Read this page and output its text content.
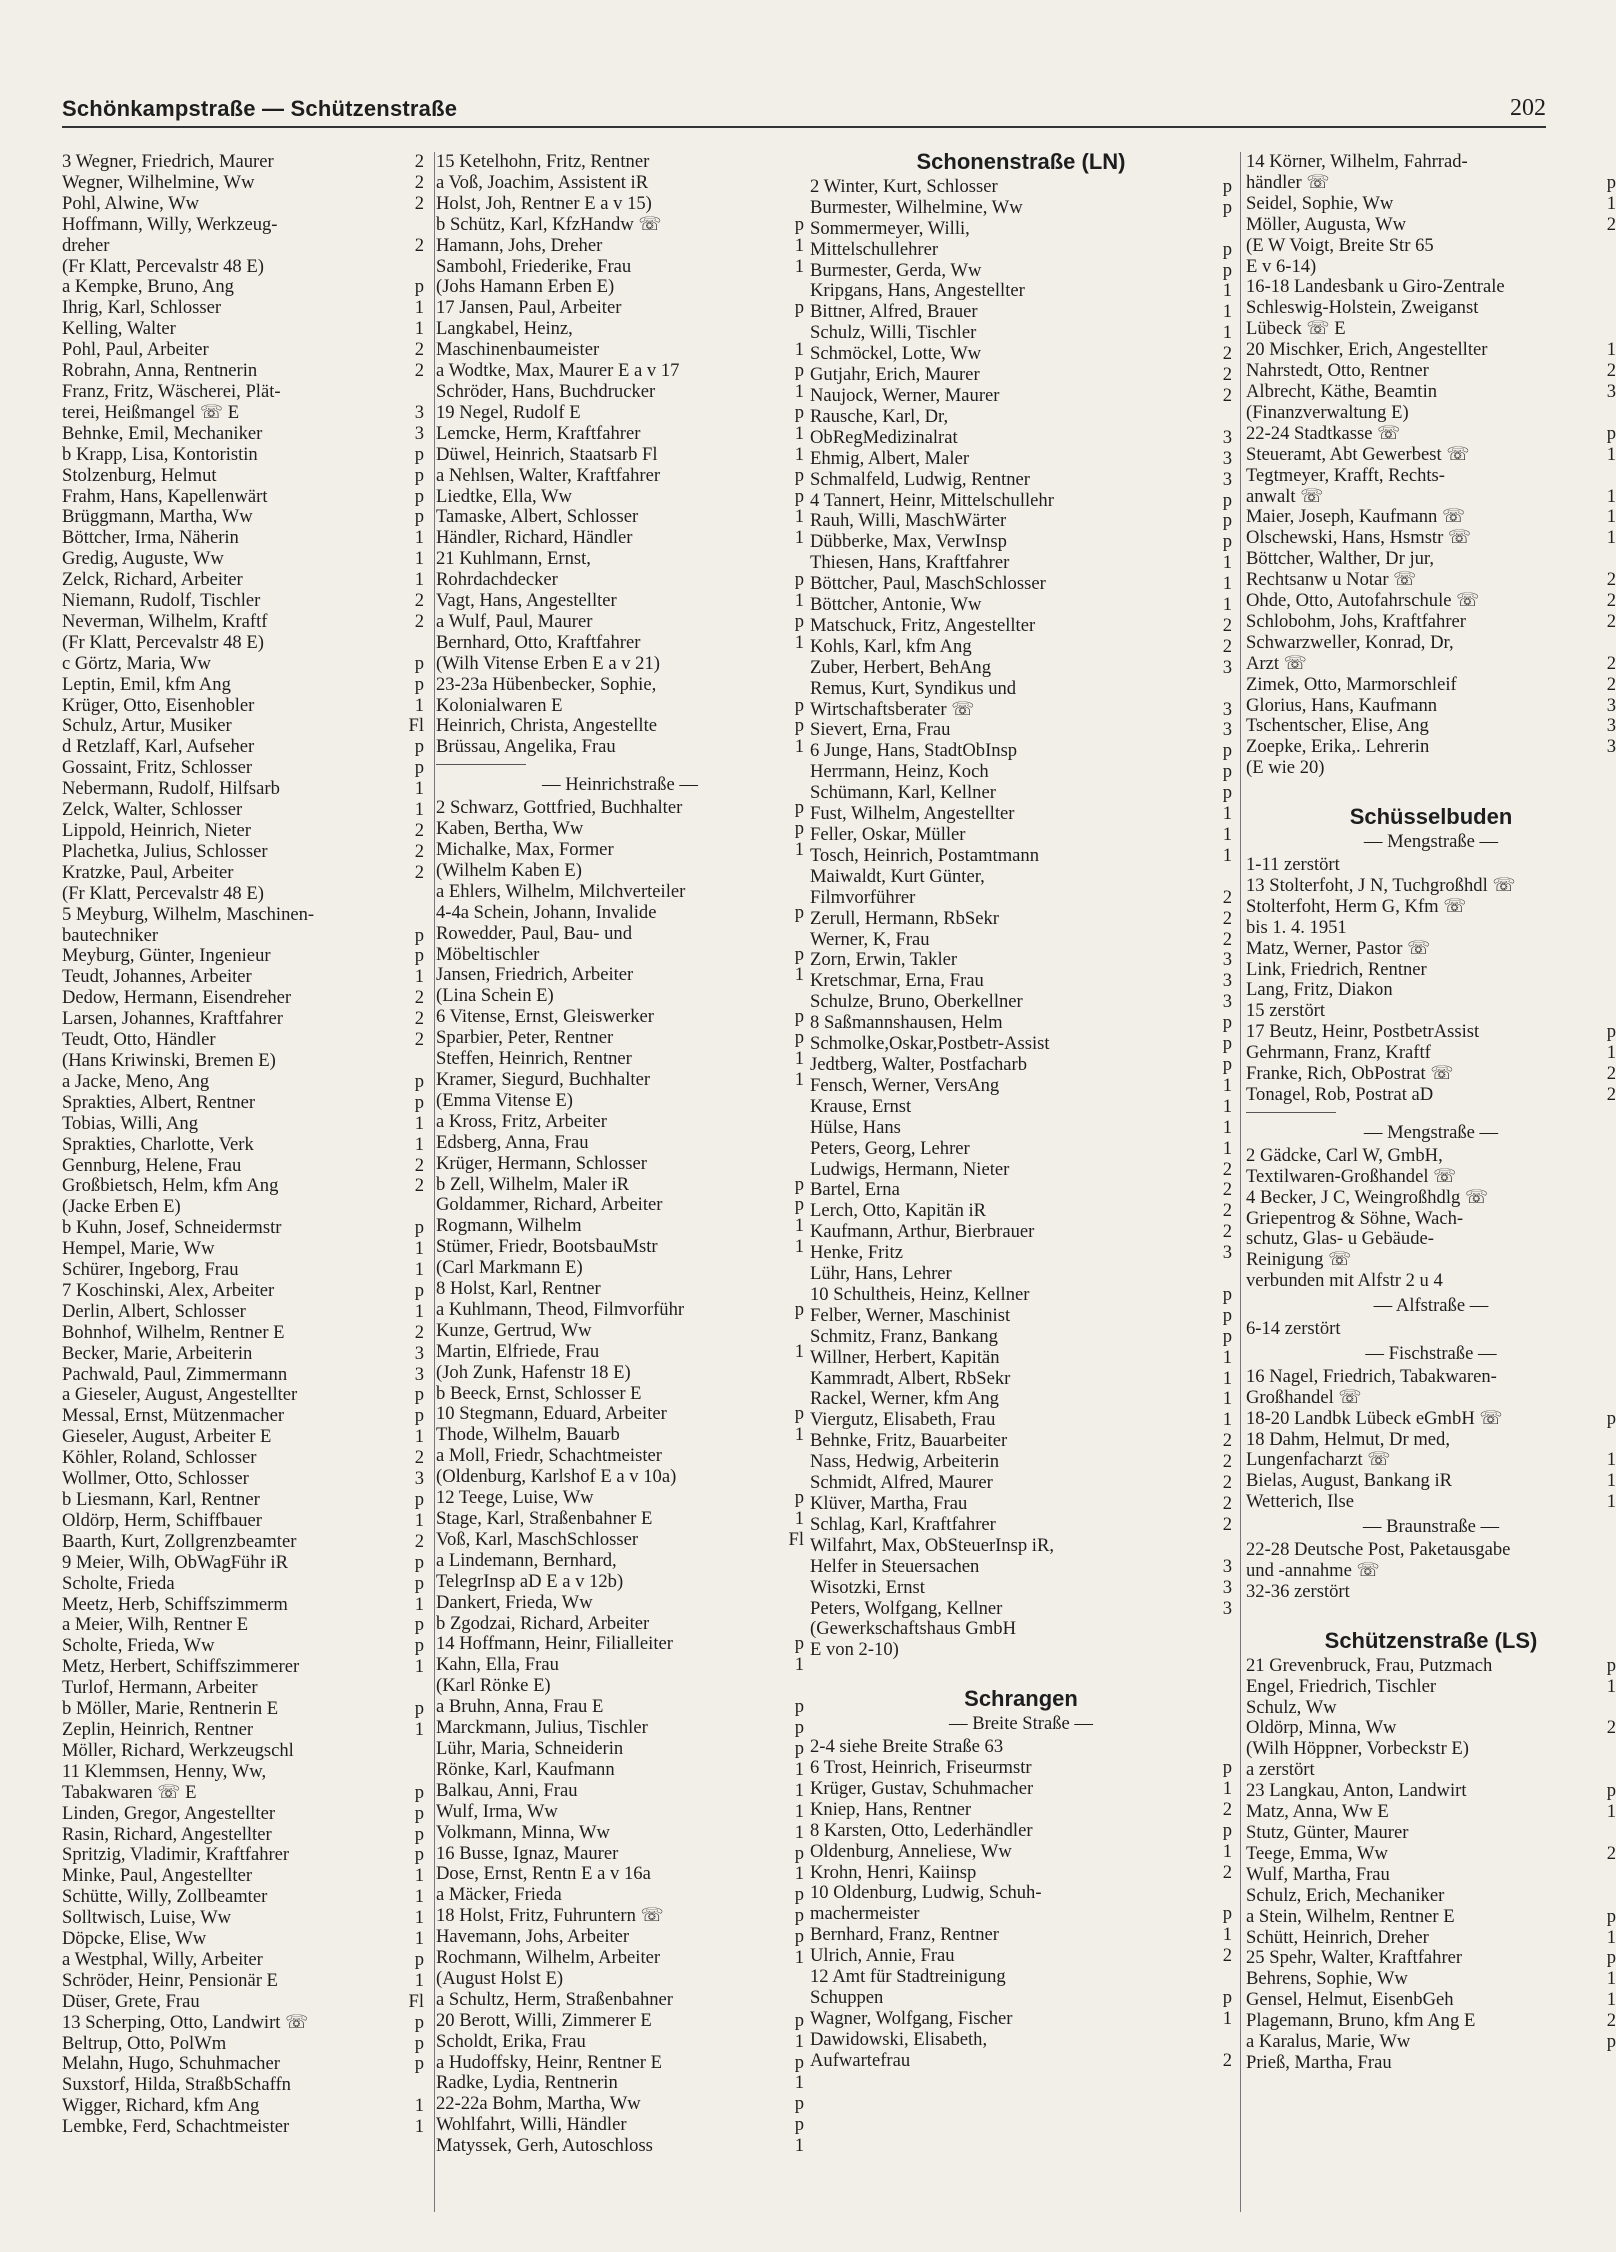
Schönkampstraße — Schützenstraße	202
3 Wegner, Friedrich, Maurer	2
Wegner, Wilhelmine, Ww	2
Pohl, Alwine, Ww	2
Hoffmann, Willy, Werkzeug-
dreher	2
(Fr Klatt, Percevalstr 48 E)
a Kempke, Bruno, Ang	p
Ihrig, Karl, Schlosser	1
Kelling, Walter	1
Pohl, Paul, Arbeiter	2
Robrahn, Anna, Rentnerin	2
Franz, Fritz, Wäscherei, Plät-
terei, Heißmangel ☏ E	3
Behnke, Emil, Mechaniker	3
b Krapp, Lisa, Kontoristin	p
Stolzenburg, Helmut	p
Frahm, Hans, Kapellenwärt	p
Brüggmann, Martha, Ww	p
Böttcher, Irma, Näherin	1
Gredig, Auguste, Ww	1
Zelck, Richard, Arbeiter	1
Niemann, Rudolf, Tischler	2
Neverman, Wilhelm, Kraftf	2
(Fr Klatt, Percevalstr 48 E)
c Görtz, Maria, Ww	p
Leptin, Emil, kfm Ang	p
Krüger, Otto, Eisenhobler	1
Schulz, Artur, Musiker	Fl
d Retzlaff, Karl, Aufseher	p
Gossaint, Fritz, Schlosser	p
Nebermann, Rudolf, Hilfsarb	1
Zelck, Walter, Schlosser	1
Lippold, Heinrich, Nieter	2
Plachetka, Julius, Schlosser	2
Kratzke, Paul, Arbeiter	2
(Fr Klatt, Percevalstr 48 E)
5 Meyburg, Wilhelm, Maschinen-
bautechniker	p
Meyburg, Günter, Ingenieur	p
Teudt, Johannes, Arbeiter	1
Dedow, Hermann, Eisendreher	2
Larsen, Johannes, Kraftfahrer	2
Teudt, Otto, Händler	2
(Hans Kriwinski, Bremen E)
a Jacke, Meno, Ang	p
Sprakties, Albert, Rentner	p
Tobias, Willi, Ang	1
Sprakties, Charlotte, Verk	1
Gennburg, Helene, Frau	2
Großbietsch, Helm, kfm Ang	2
(Jacke Erben E)
b Kuhn, Josef, Schneidermstr	p
Hempel, Marie, Ww	1
Schürer, Ingeborg, Frau	1
7 Koschinski, Alex, Arbeiter	p
Derlin, Albert, Schlosser	1
Bohnhof, Wilhelm, Rentner E	2
Becker, Marie, Arbeiterin	3
Pachwald, Paul, Zimmermann	3
a Gieseler, August, Angestellter	p
Messal, Ernst, Mützenmacher	p
Gieseler, August, Arbeiter E	1
Köhler, Roland, Schlosser	2
Wollmer, Otto, Schlosser	3
b Liesmann, Karl, Rentner	p
Oldörp, Herm, Schiffbauer	1
Baarth, Kurt, Zollgrenzbeamter	2
9 Meier, Wilh, ObWagFühr iR	p
Scholte, Frieda	p
Meetz, Herb, Schiffszimmerm	1
a Meier, Wilh, Rentner E	p
Scholte, Frieda, Ww	p
Metz, Herbert, Schiffszimmerer	1
Turlof, Hermann, Arbeiter
b Möller, Marie, Rentnerin E	p
Zeplin, Heinrich, Rentner	1
Möller, Richard, Werkzeugschl
11 Klemmsen, Henny, Ww,
Tabakwaren ☏ E	p
Linden, Gregor, Angestellter	p
Rasin, Richard, Angestellter	p
Spritzig, Vladimir, Kraftfahrer	p
Minke, Paul, Angestellter	1
Schütte, Willy, Zollbeamter	1
Solltwisch, Luise, Ww	1
Döpcke, Elise, Ww	1
a Westphal, Willy, Arbeiter	p
Schröder, Heinr, Pensionär E	1
Düser, Grete, Frau	Fl
13 Scherping, Otto, Landwirt ☏	p
Beltrup, Otto, PolWm	p
Melahn, Hugo, Schuhmacher	p
Suxstorf, Hilda, StraßbSchaffn
Wigger, Richard, kfm Ang	1
Lembke, Ferd, Schachtmeister	1
15 Ketelhohn, Fritz, Rentner
a Voß, Joachim, Assistent iR
Holst, Joh, Rentner E a v 15)
b Schütz, Karl, KfzHandw ☏	p
Hamann, Johs, Dreher	1
Sambohl, Friederike, Frau	1
(Johs Hamann Erben E)
17 Jansen, Paul, Arbeiter	p
Langkabel, Heinz,
Maschinenbaumeister	1
a Wodtke, Max, Maurer E a v 17	p
Schröder, Hans, Buchdrucker	1
19 Negel, Rudolf E	p
Lemcke, Herm, Kraftfahrer	1
Düwel, Heinrich, Staatsarb Fl	1
a Nehlsen, Walter, Kraftfahrer	p
Liedtke, Ella, Ww	p
Tamaske, Albert, Schlosser	1
Händler, Richard, Händler	1
21 Kuhlmann, Ernst,
Rohrdachdecker	p
Vagt, Hans, Angestellter	1
a Wulf, Paul, Maurer	p
Bernhard, Otto, Kraftfahrer	1
(Wilh Vitense Erben E a v 21)
23-23a Hübenbecker, Sophie,
Kolonialwaren E	p
Heinrich, Christa, Angestellte	p
Brüssau, Angelika, Frau	1
— Heinrichstraße —
2 Schwarz, Gottfried, Buchhalter	p
Kaben, Bertha, Ww	p
Michalke, Max, Former	1
(Wilhelm Kaben E)
a Ehlers, Wilhelm, Milchverteiler
4-4a Schein, Johann, Invalide	p
Rowedder, Paul, Bau- und
Möbeltischler	p
Jansen, Friedrich, Arbeiter	1
(Lina Schein E)
6 Vitense, Ernst, Gleiswerker	p
Sparbier, Peter, Rentner	p
Steffen, Heinrich, Rentner	1
Kramer, Siegurd, Buchhalter	1
(Emma Vitense E)
a Kross, Fritz, Arbeiter
Edsberg, Anna, Frau
Krüger, Hermann, Schlosser
b Zell, Wilhelm, Maler iR	p
Goldammer, Richard, Arbeiter	p
Rogmann, Wilhelm	1
Stümer, Friedr, BootsbauMstr	1
(Carl Markmann E)
8 Holst, Karl, Rentner
a Kuhlmann, Theod, Filmvorführ	p
Kunze, Gertrud, Ww
Martin, Elfriede, Frau	1
(Joh Zunk, Hafenstr 18 E)
b Beeck, Ernst, Schlosser E
10 Stegmann, Eduard, Arbeiter	p
Thode, Wilhelm, Bauarb	1
a Moll, Friedr, Schachtmeister
(Oldenburg, Karlshof E a v 10a)
12 Teege, Luise, Ww	p
Stage, Karl, Straßenbahner E	1
Voß, Karl, MaschSchlosser	Fl
a Lindemann, Bernhard,
TelegrInsp aD E a v 12b)
Dankert, Frieda, Ww
b Zgodzai, Richard, Arbeiter
14 Hoffmann, Heinr, Filialleiter	p
Kahn, Ella, Frau	1
(Karl Rönke E)
a Bruhn, Anna, Frau E	p
Marckmann, Julius, Tischler	p
Lühr, Maria, Schneiderin	p
Rönke, Karl, Kaufmann	1
Balkau, Anni, Frau	1
Wulf, Irma, Ww	1
Volkmann, Minna, Ww	1
16 Busse, Ignaz, Maurer	p
Dose, Ernst, Rentn E a v 16a	1
a Mäcker, Frieda	p
18 Holst, Fritz, Fuhruntern ☏	p
Havemann, Johs, Arbeiter	p
Rochmann, Wilhelm, Arbeiter	1
(August Holst E)
a Schultz, Herm, Straßenbahner
20 Berott, Willi, Zimmerer E	p
Scholdt, Erika, Frau	1
a Hudoffsky, Heinr, Rentner E	p
Radke, Lydia, Rentnerin	1
22-22a Bohm, Martha, Ww	p
Wohlfahrt, Willi, Händler	p
Matyssek, Gerh, Autoschloss	1
Schonenstraße (LN)
2 Winter, Kurt, Schlosser	p
Burmester, Wilhelmine, Ww	p
Sommermeyer, Willi,
Mittelschullehrer	p
Burmester, Gerda, Ww	p
Kripgans, Hans, Angestellter	1
Bittner, Alfred, Brauer	1
Schulz, Willi, Tischler	1
Schmöckel, Lotte, Ww	2
Gutjahr, Erich, Maurer	2
Naujock, Werner, Maurer	2
Rausche, Karl, Dr,
ObRegMedizinalrat	3
Ehmig, Albert, Maler	3
Schmalfeld, Ludwig, Rentner	3
4 Tannert, Heinr, Mittelschullehr	p
Rauh, Willi, MaschWärter	p
Dübberke, Max, VerwInsp	p
Thiesen, Hans, Kraftfahrer	1
Böttcher, Paul, MaschSchlosser	1
Böttcher, Antonie, Ww	1
Matschuck, Fritz, Angestellter	2
Kohls, Karl, kfm Ang	2
Zuber, Herbert, BehAng	3
Remus, Kurt, Syndikus und
Wirtschaftsberater ☏	3
Sievert, Erna, Frau	3
6 Junge, Hans, StadtObInsp	p
Herrmann, Heinz, Koch	p
Schümann, Karl, Kellner	p
Fust, Wilhelm, Angestellter	1
Feller, Oskar, Müller	1
Tosch, Heinrich, Postamtmann	1
Maiwaldt, Kurt Günter,
Filmvorführer	2
Zerull, Hermann, RbSekr	2
Werner, K, Frau	2
Zorn, Erwin, Takler	3
Kretschmar, Erna, Frau	3
Schulze, Bruno, Oberkellner	3
8 Saßmannshausen, Helm	p
Schmolke,Oskar,Postbetr-Assist	p
Jedtberg, Walter, Postfacharb	p
Fensch, Werner, VersAng	1
Krause, Ernst	1
Hülse, Hans	1
Peters, Georg, Lehrer	1
Ludwigs, Hermann, Nieter	2
Bartel, Erna	2
Lerch, Otto, Kapitän iR	2
Kaufmann, Arthur, Bierbrauer	2
Henke, Fritz	3
Lühr, Hans, Lehrer
10 Schultheis, Heinz, Kellner	p
Felber, Werner, Maschinist	p
Schmitz, Franz, Bankang	p
Willner, Herbert, Kapitän	1
Kammradt, Albert, RbSekr	1
Rackel, Werner, kfm Ang	1
Viergutz, Elisabeth, Frau	1
Behnke, Fritz, Bauarbeiter	2
Nass, Hedwig, Arbeiterin	2
Schmidt, Alfred, Maurer	2
Klüver, Martha, Frau	2
Schlag, Karl, Kraftfahrer	2
Wilfahrt, Max, ObSteuerInsp iR,
Helfer in Steuersachen	3
Wisotzki, Ernst	3
Peters, Wolfgang, Kellner	3
(Gewerkschaftshaus GmbH
E von 2-10)
Schrangen
— Breite Straße —
2-4 siehe Breite Straße 63
6 Trost, Heinrich, Friseurmstr	p
Krüger, Gustav, Schuhmacher	1
Kniep, Hans, Rentner	2
8 Karsten, Otto, Lederhändler	p
Oldenburg, Anneliese, Ww	1
Krohn, Henri, Kaiinsp	2
10 Oldenburg, Ludwig, Schuh-
machermeister	p
Bernhard, Franz, Rentner	1
Ulrich, Annie, Frau	2
12 Amt für Stadtreinigung
Schuppen	p
Wagner, Wolfgang, Fischer	1
Dawidowski, Elisabeth,
Aufwartefrau	2
14 Körner, Wilhelm, Fahrrad-
händler ☏	p
Seidel, Sophie, Ww	1
Möller, Augusta, Ww	2
(E W Voigt, Breite Str 65
E v 6-14)
16-18 Landesbank u Giro-Zentrale
Schleswig-Holstein, Zweiganst
Lübeck ☏ E
20 Mischker, Erich, Angestellter	1
Nahrstedt, Otto, Rentner	2
Albrecht, Käthe, Beamtin	3
(Finanzverwaltung E)
22-24 Stadtkasse ☏	p
Steueramt, Abt Gewerbest ☏	1
Tegtmeyer, Krafft, Rechts-
anwalt ☏	1
Maier, Joseph, Kaufmann ☏	1
Olschewski, Hans, Hsmstr ☏	1
Böttcher, Walther, Dr jur,
Rechtsanw u Notar ☏	2
Ohde, Otto, Autofahrschule ☏	2
Schlobohm, Johs, Kraftfahrer	2
Schwarzweller, Konrad, Dr,
Arzt ☏	2
Zimek, Otto, Marmorschleif	2
Glorius, Hans, Kaufmann	3
Tschentscher, Elise, Ang	3
Zoepke, Erika,. Lehrerin	3
(E wie 20)
Schüsselbuden
— Mengstraße —
1-11 zerstört
13 Stolterfoht, J N, Tuchgroßhdl ☏
Stolterfoht, Herm G, Kfm ☏
bis 1. 4. 1951
Matz, Werner, Pastor ☏
Link, Friedrich, Rentner
Lang, Fritz, Diakon
15 zerstört
17 Beutz, Heinr, PostbetrAssist	p
Gehrmann, Franz, Kraftf	1
Franke, Rich, ObPostrat ☏	2
Tonagel, Rob, Postrat aD	2
— Mengstraße —
2 Gädcke, Carl W, GmbH,
Textilwaren-Großhandel ☏
4 Becker, J C, Weingroßhdlg ☏
Griepentrog & Söhne, Wach-
schutz, Glas- u Gebäude-
Reinigung ☏
verbunden mit Alfstr 2 u 4
— Alfstraße —
6-14 zerstört
— Fischstraße —
16 Nagel, Friedrich, Tabakwaren-
Großhandel ☏
18-20 Landbk Lübeck eGmbH ☏	p
18 Dahm, Helmut, Dr med,
Lungenfacharzt ☏	1
Bielas, August, Bankang iR	1
Wetterich, Ilse	1
— Braunstraße —
22-28 Deutsche Post, Paketausgabe
und -annahme ☏
32-36 zerstört
Schützenstraße (LS)
21 Grevenbruck, Frau, Putzmach	p
Engel, Friedrich, Tischler	1
Schulz, Ww
Oldörp, Minna, Ww	2
(Wilh Höppner, Vorbeckstr E)
a zerstört
23 Langkau, Anton, Landwirt	p
Matz, Anna, Ww E	1
Stutz, Günter, Maurer
Teege, Emma, Ww	2
Wulf, Martha, Frau
Schulz, Erich, Mechaniker
a Stein, Wilhelm, Rentner E	p
Schütt, Heinrich, Dreher	1
25 Spehr, Walter, Kraftfahrer	p
Behrens, Sophie, Ww	1
Gensel, Helmut, EisenbGeh	1
Plagemann, Bruno, kfm Ang E	2
a Karalus, Marie, Ww	p
Prieß, Martha, Frau
